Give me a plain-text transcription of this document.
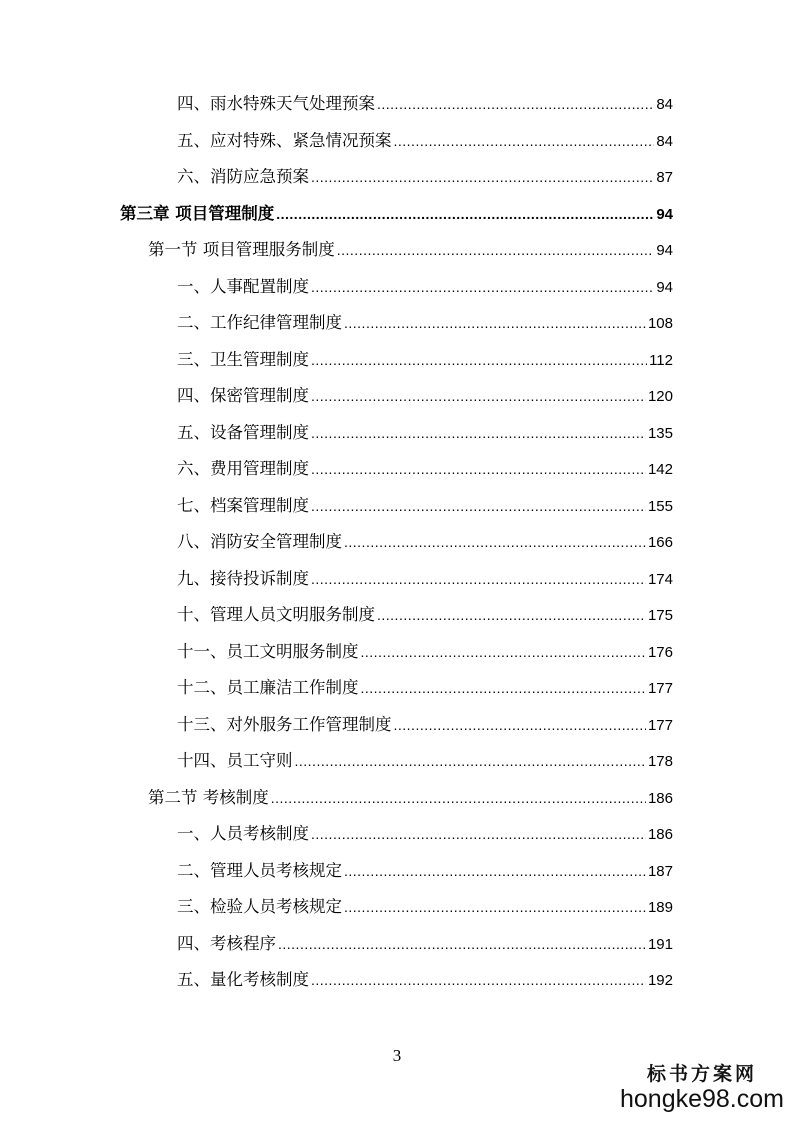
四、雨水特殊天气处理预案 .....	84
五、应对特殊、紧急情况预案 .....	84
六、消防应急预案 .....	87
第三章 项目管理制度 .....	94
第一节 项目管理服务制度 .....	94
一、人事配置制度 .....	94
二、工作纪律管理制度 .....	108
三、卫生管理制度 .....	112
四、保密管理制度 .....	120
五、设备管理制度 .....	135
六、费用管理制度 .....	142
七、档案管理制度 .....	155
八、消防安全管理制度 .....	166
九、接待投诉制度 .....	174
十、管理人员文明服务制度 .....	175
十一、员工文明服务制度 .....	176
十二、员工廉洁工作制度 .....	177
十三、对外服务工作管理制度 .....	177
十四、员工守则 .....	178
第二节 考核制度 .....	186
一、人员考核制度 .....	186
二、管理人员考核规定 .....	187
三、检验人员考核规定 .....	189
四、考核程序 .....	191
五、量化考核制度 .....	192
3
标书方案网
hongke98.com
